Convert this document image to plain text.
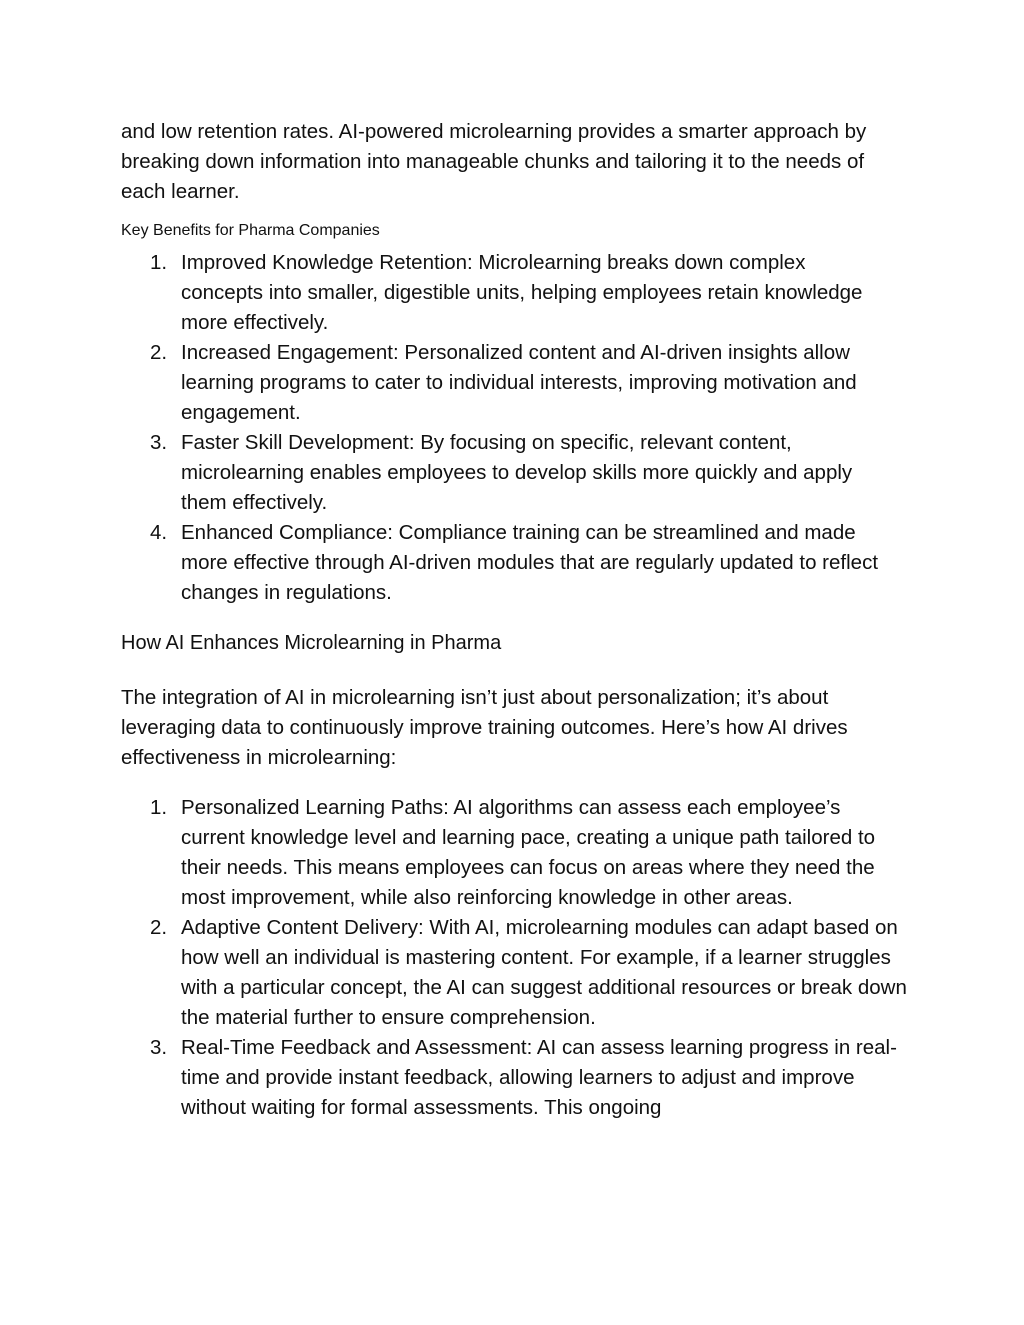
and low retention rates. AI-powered microlearning provides a smarter approach by breaking down information into manageable chunks and tailoring it to the needs of each learner.

Key Benefits for Pharma Companies

1. Improved Knowledge Retention: Microlearning breaks down complex concepts into smaller, digestible units, helping employees retain knowledge more effectively.
2. Increased Engagement: Personalized content and AI-driven insights allow learning programs to cater to individual interests, improving motivation and engagement.
3. Faster Skill Development: By focusing on specific, relevant content, microlearning enables employees to develop skills more quickly and apply them effectively.
4. Enhanced Compliance: Compliance training can be streamlined and made more effective through AI-driven modules that are regularly updated to reflect changes in regulations.

How AI Enhances Microlearning in Pharma

The integration of AI in microlearning isn’t just about personalization; it’s about leveraging data to continuously improve training outcomes. Here’s how AI drives effectiveness in microlearning:

1. Personalized Learning Paths: AI algorithms can assess each employee’s current knowledge level and learning pace, creating a unique path tailored to their needs. This means employees can focus on areas where they need the most improvement, while also reinforcing knowledge in other areas.
2. Adaptive Content Delivery: With AI, microlearning modules can adapt based on how well an individual is mastering content. For example, if a learner struggles with a particular concept, the AI can suggest additional resources or break down the material further to ensure comprehension.
3. Real-Time Feedback and Assessment: AI can assess learning progress in real-time and provide instant feedback, allowing learners to adjust and improve without waiting for formal assessments. This ongoing
